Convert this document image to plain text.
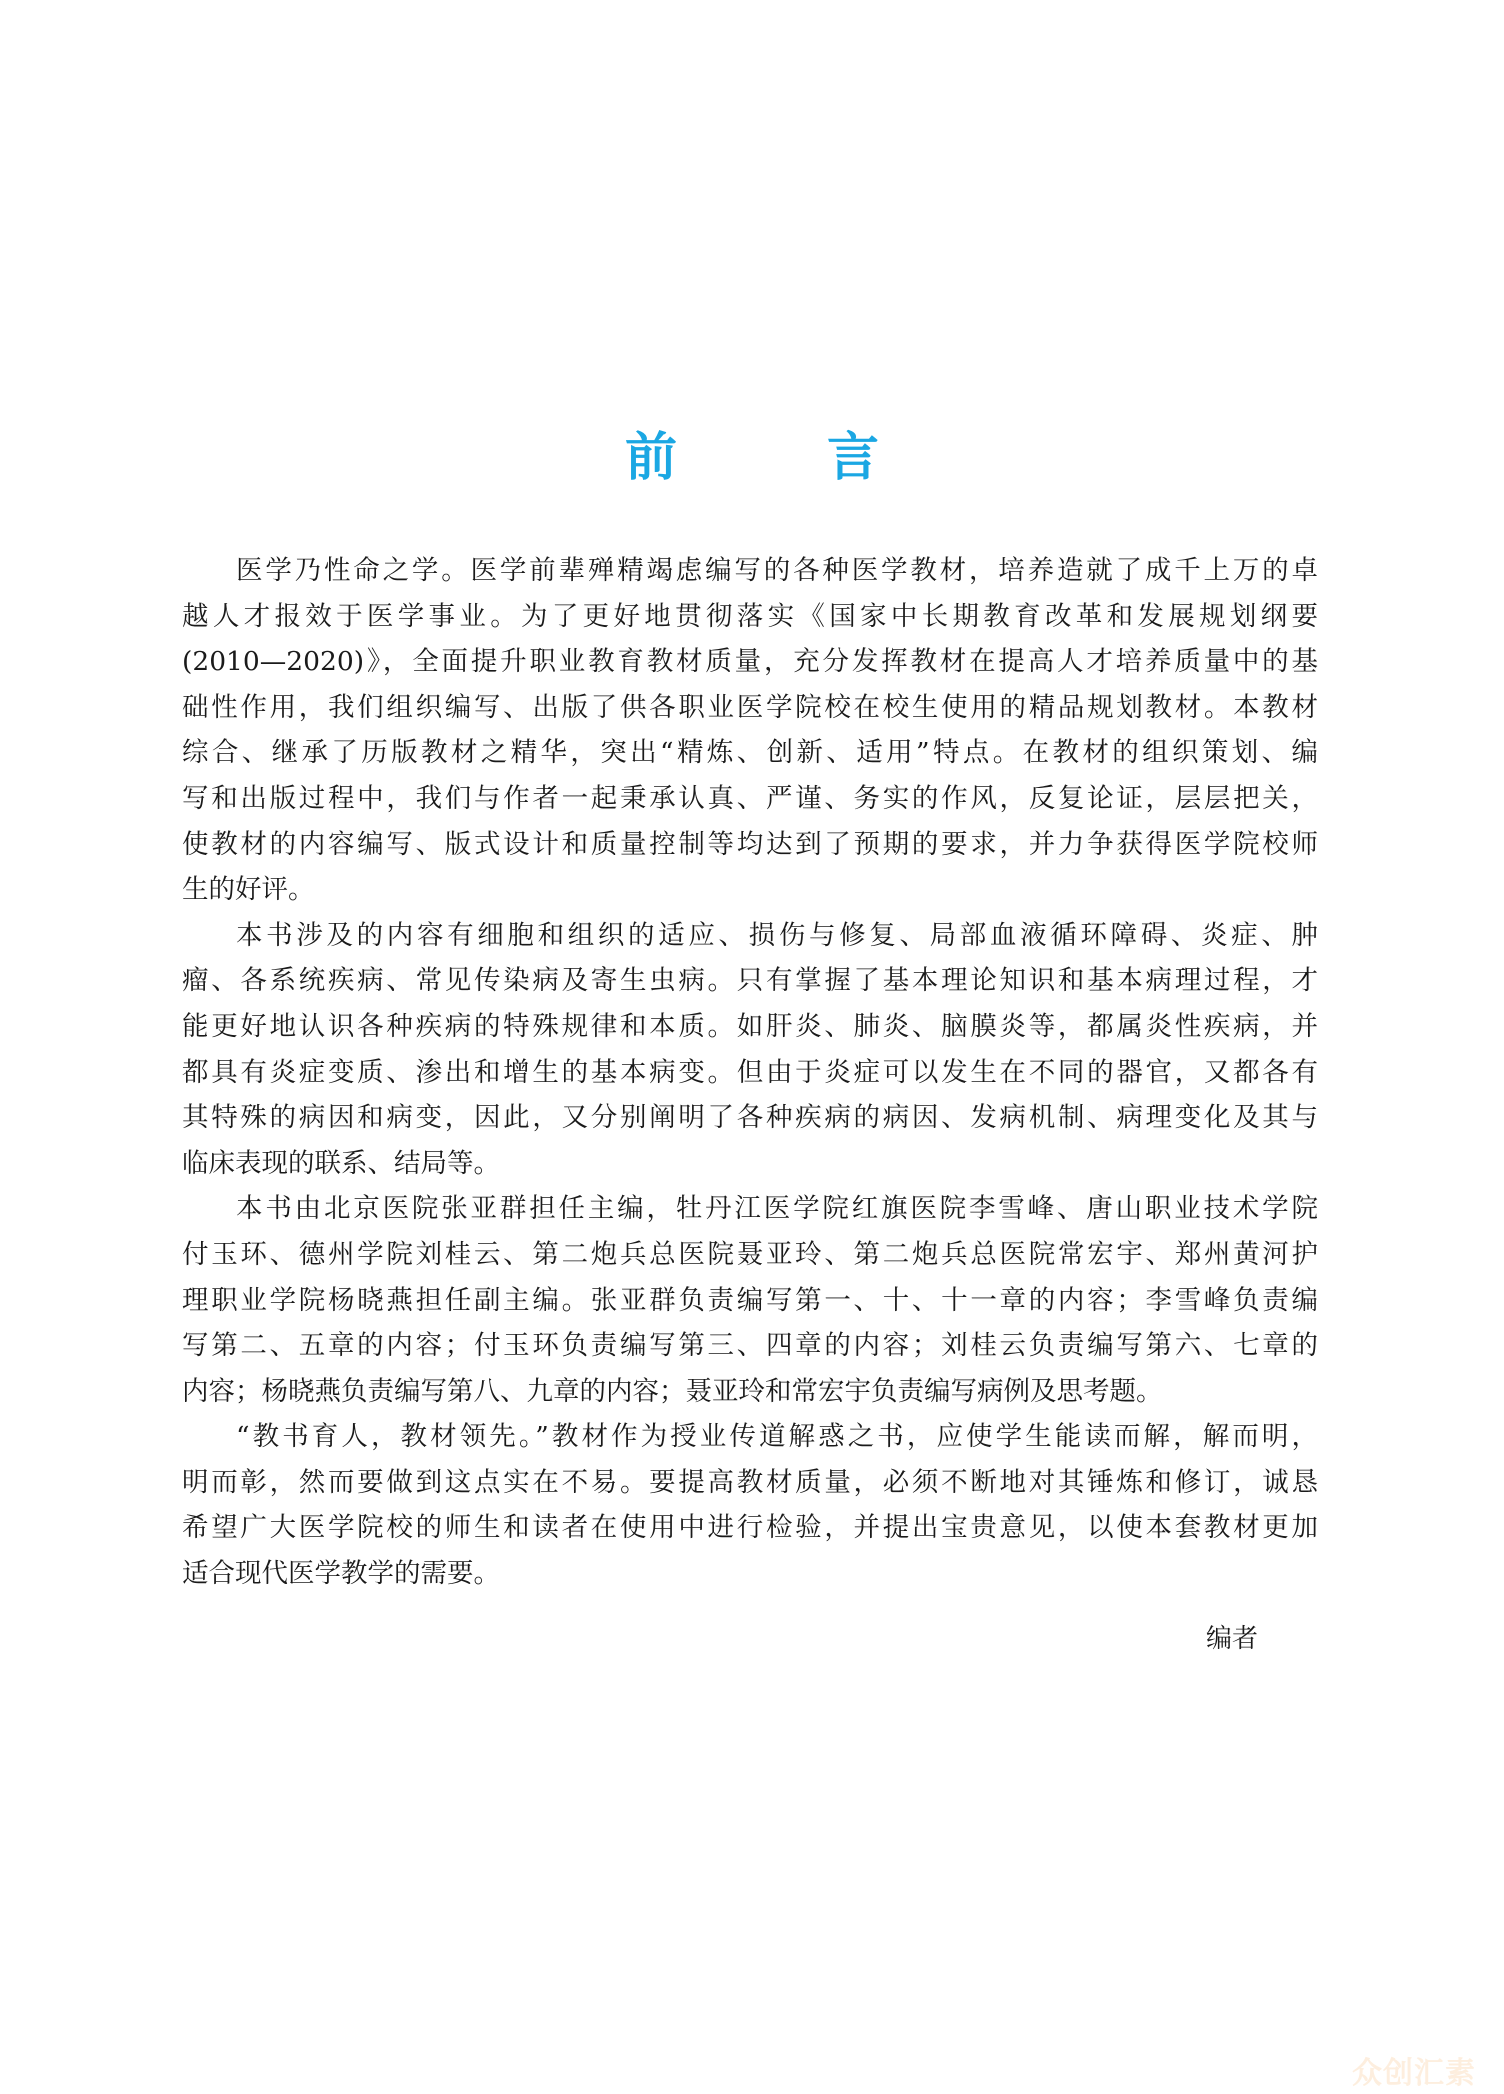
前	言
医学乃性命之学。医学前辈殚精竭虑编写的各种医学教材，培养造就了成千上万的卓
越人才报效于医学事业。为了更好地贯彻落实《国家中长期教育改革和发展规划纲要
(2010—2020)》，全面提升职业教育教材质量，充分发挥教材在提高人才培养质量中的基
础性作用，我们组织编写、出版了供各职业医学院校在校生使用的精品规划教材。本教材
综合、继承了历版教材之精华，突出“精炼、创新、适用”特点。在教材的组织策划、编
写和出版过程中，我们与作者一起秉承认真、严谨、务实的作风，反复论证，层层把关，
使教材的内容编写、版式设计和质量控制等均达到了预期的要求，并力争获得医学院校师
生的好评。
本书涉及的内容有细胞和组织的适应、损伤与修复、局部血液循环障碍、炎症、肿
瘤、各系统疾病、常见传染病及寄生虫病。只有掌握了基本理论知识和基本病理过程，才
能更好地认识各种疾病的特殊规律和本质。如肝炎、肺炎、脑膜炎等，都属炎性疾病，并
都具有炎症变质、渗出和增生的基本病变。但由于炎症可以发生在不同的器官，又都各有
其特殊的病因和病变，因此，又分别阐明了各种疾病的病因、发病机制、病理变化及其与
临床表现的联系、结局等。
本书由北京医院张亚群担任主编，牡丹江医学院红旗医院李雪峰、唐山职业技术学院
付玉环、德州学院刘桂云、第二炮兵总医院聂亚玲、第二炮兵总医院常宏宇、郑州黄河护
理职业学院杨晓燕担任副主编。张亚群负责编写第一、十、十一章的内容；李雪峰负责编
写第二、五章的内容；付玉环负责编写第三、四章的内容；刘桂云负责编写第六、七章的
内容；杨晓燕负责编写第八、九章的内容；聂亚玲和常宏宇负责编写病例及思考题。
“教书育人，教材领先。”教材作为授业传道解惑之书，应使学生能读而解，解而明，
明而彰，然而要做到这点实在不易。要提高教材质量，必须不断地对其锤炼和修订，诚恳
希望广大医学院校的师生和读者在使用中进行检验，并提出宝贵意见，以使本套教材更加
适合现代医学教学的需要。
编者
众创汇素
